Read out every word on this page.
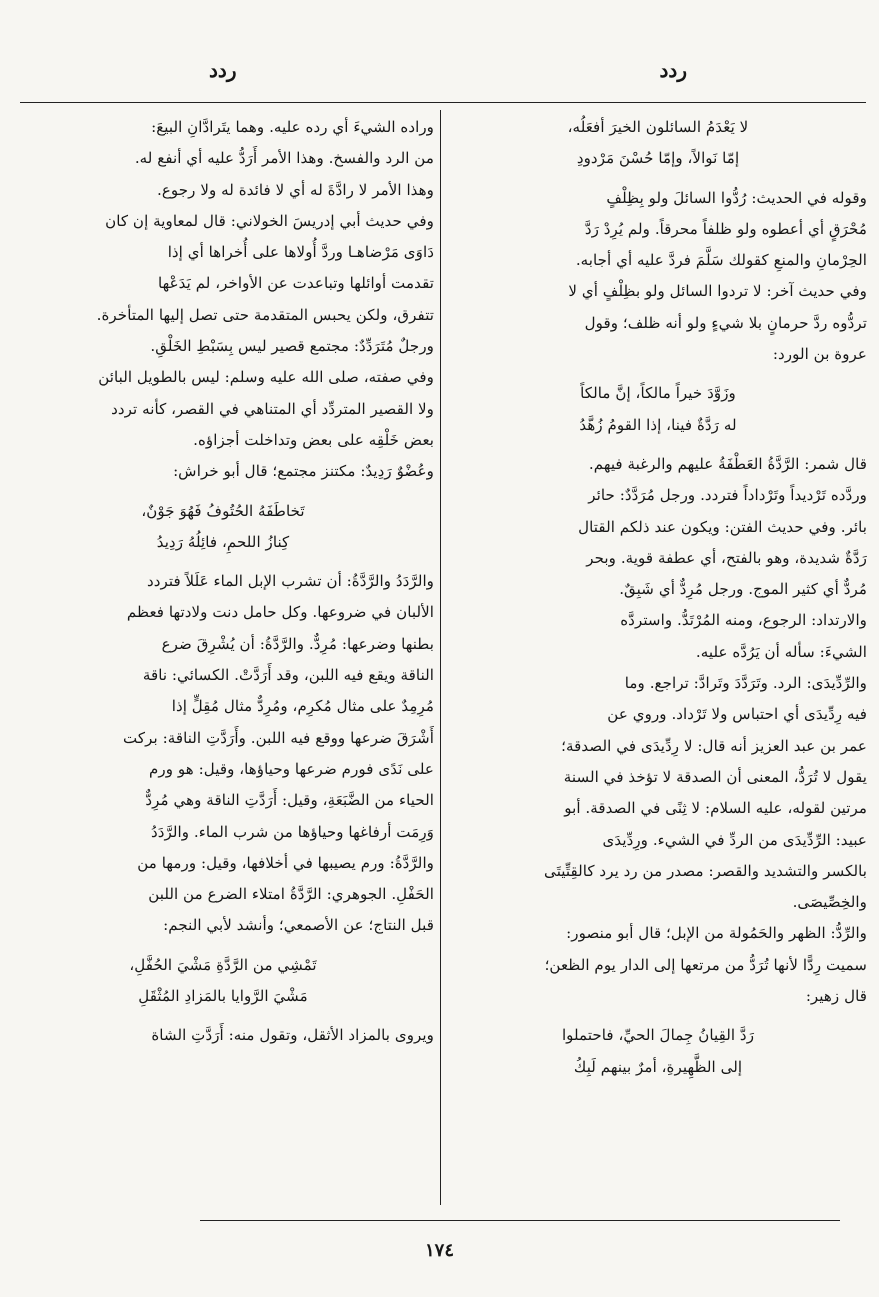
ردد
ردد
لا يَعْدَمُ السائلون الخيرَ أفعَلُه،
إمّا نَوالاً، وإمّا حُسْنَ مَرْدودِ
وقوله في الحديث: رُدُّوا السائلَ ولو بِظِلْفٍ
مُحْرَقٍ أي أعطوه ولو ظلفاً محرقاً. ولم يُرِدْ رَدَّ
الحِرْمانِ والمنعِ كقولك سَلَّمَ فردَّ عليه أي أجابه.
وفي حديث آخر: لا تردوا السائل ولو بظِلْفٍ أي لا
تردُّوه ردَّ حرمانٍ بلا شيءٍ ولو أنه ظلف؛ وقول
عروة بن الورد:
وزَوَّدَ خيراً مالكاً، إنَّ مالكاً
له رَدَّةٌ فينا، إذا القومُ زُهَّدُ
قال شمر: الرَّدَّةُ العَطْفَةُ عليهم والرغبة فيهم.
وردَّده تَرْديداً وتَرْداداً فتردد. ورجل مُرَدَّدٌ: حائر
بائر. وفي حديث الفتن: ويكون عند ذلكم القتال
رَدَّةٌ شديدة، وهو بالفتح، أي عطفة قوية. وبحر
مُردٌّ أي كثير الموج. ورجل مُرِدٌّ أي شَبِقٌ.
والارتداد: الرجوع، ومنه المُرْتَدُّ. واستردَّه
الشيءَ: سأله أن يَرُدَّه عليه.
والرِّدِّيدَى: الرد. وتَرَدَّدَ وتَرادَّ: تراجع. وما
فيه رِدِّيدَى أي احتباس ولا تَرْداد. وروي عن
عمر بن عبد العزيز أنه قال: لا رِدِّيدَى في الصدقة؛
يقول لا تُرَدُّ، المعنى أن الصدقة لا تؤخذ في السنة
مرتين لقوله، عليه السلام: لا ثِنًى في الصدقة. أبو
عبيد: الرِّدِّيدَى من الردِّ في الشيء. ورِدِّيدَى
بالكسر والتشديد والقصر: مصدر من رد يرد كالقِتِّيتَى
والخِصِّيصَى.
والرِّدُّ: الظهر والحَمُولة من الإبل؛ قال أبو منصور:
سميت رِدًّا لأنها تُرَدُّ من مرتعها إلى الدار يوم الظعن؛
قال زهير:
رَدَّ القِيانُ جِمالَ الحيِّ، فاحتملوا
إلى الظَّهِيرةِ، أمرٌ بينهم لَبِكُ
وراده الشيءَ أي رده عليه. وهما يتَرادَّانِ البيعَ:
من الرد والفسخ. وهذا الأمر أَرَدُّ عليه أي أنفع له.
وهذا الأمر لا رادَّةَ له أي لا فائدة له ولا رجوع.
وفي حديث أبي إدريسَ الخولاني: قال لمعاوية إن كان
دَاوَى مَرْضاهـا وردَّ أُولاها على أُخراها أي إذا
تقدمت أوائلها وتباعدت عن الأواخر، لم يَدَعْها
تتفرق، ولكن يحبس المتقدمة حتى تصل إليها المتأخرة.
ورجلٌ مُتَرَدِّدٌ: مجتمع قصير ليس بِسَبْطِ الخَلْقِ.
وفي صفته، صلى الله عليه وسلم: ليس بالطويل البائن
ولا القصير المتردِّد أي المتناهي في القصر، كأنه تردد
بعض خَلْقِه على بعض وتداخلت أجزاؤه.
وعُضْوٌ رَدِيدٌ: مكتنز مجتمع؛ قال أبو خراش:
تَخاطَفَهُ الحُتُوفُ فَهُوَ جَوْنٌ،
كِنازُ اللحمِ، فائِلُهُ رَدِيدُ
والرَّدَدُ والرَّدَّةُ: أن تشرب الإبل الماء عَلَلاً فتردد
الألبان في ضروعها. وكل حامل دنت ولادتها فعظم
بطنها وضرعها: مُرِدٌّ. والرَّدَّةُ: أن يُشْرِقَ ضرع
الناقة ويقع فيه اللبن، وقد أَرَدَّتْ. الكسائي: ناقة
مُرِمِدٌ على مثال مُكرِم، ومُرِدٌّ مثال مُقِلٍّ إذا
أَشْرَقَ ضرعها ووقع فيه اللبن. وأَرَدَّتِ الناقة: بركت
على نَدًى فورم ضرعها وحياؤها، وقيل: هو ورم
الحياء من الضَّبَعَةِ، وقيل: أَرَدَّتِ الناقة وهي مُرِدٌّ
وَرِمَت أرفاغها وحياؤها من شرب الماء. والرَّدَدُ
والرَّدَّةُ: ورم يصيبها في أخلافها، وقيل: ورمها من
الحَفْلِ. الجوهري: الرَّدَّةُ امتلاء الضرع من اللبن
قبل النتاج؛ عن الأصمعي؛ وأنشد لأبي النجم:
تَمْشِي من الرَّدَّةِ مَشْيَ الحُفَّلِ،
مَشْيَ الرَّوايا بالمَزادِ المُثْقَلِ
ويروى بالمزاد الأثقل، وتقول منه: أَرَدَّتِ الشاة
١٧٤
